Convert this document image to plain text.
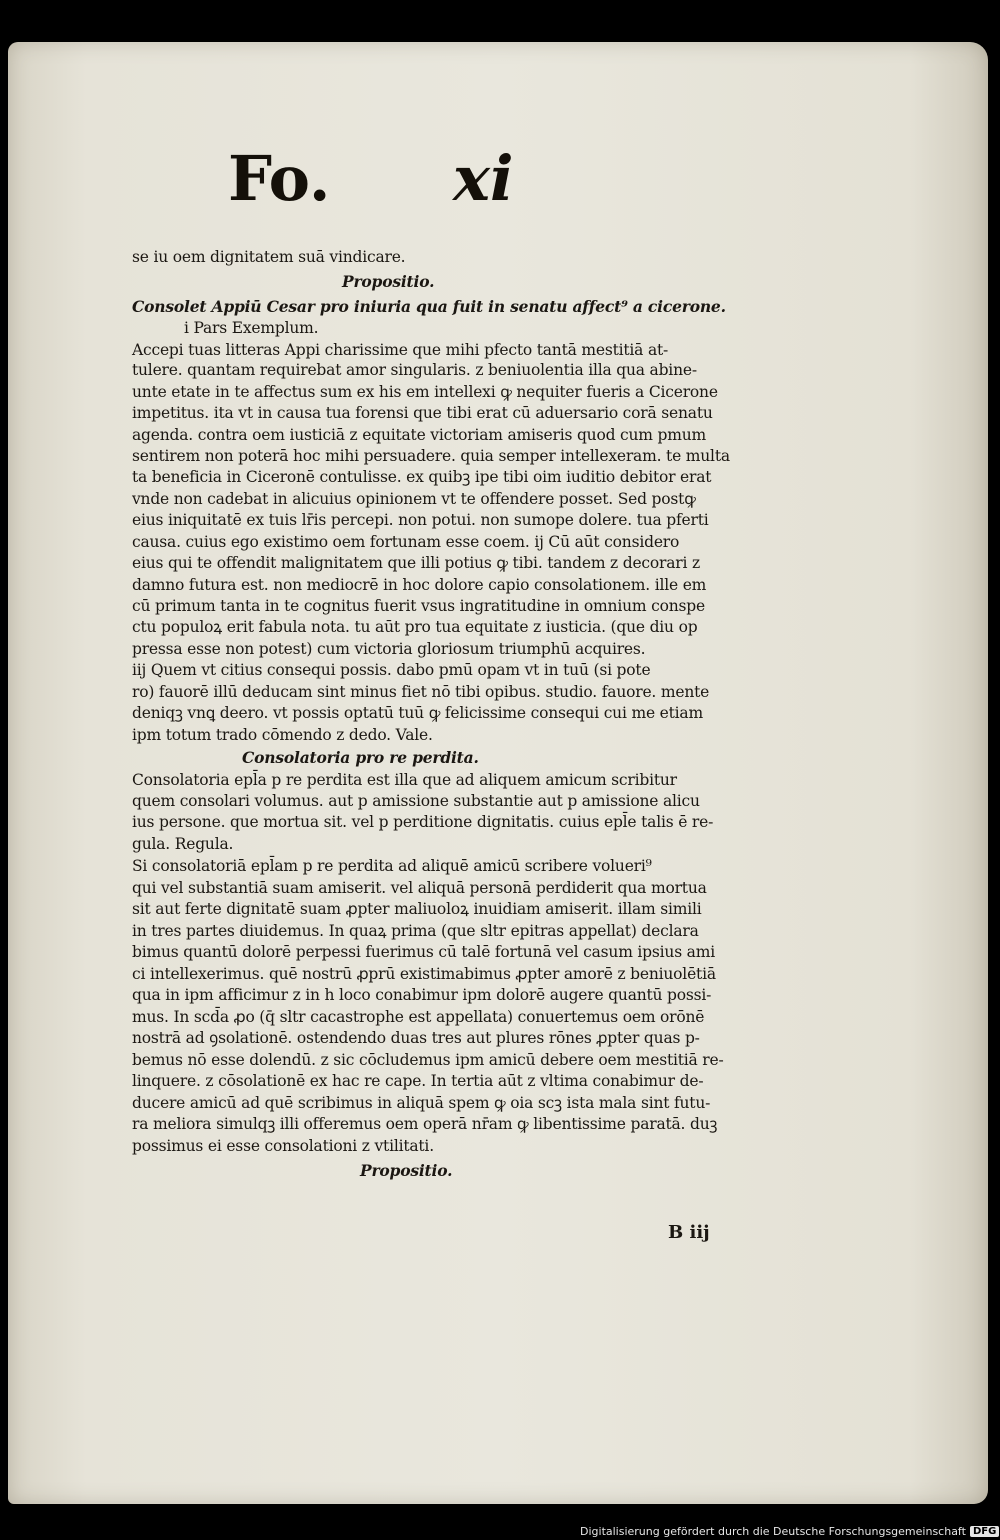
Fo. xi
se iu oem dignitatem suā vindicare.
Propositio.
Consolet Appiū Cesar pro iniuria qua fuit in senatu affect⁹ a cicerone.
i Pars Exemplum.
Accepi tuas litteras Appi charissime que mihi pfecto tantā mestitiā at-
tulere. quantam requirebat amor singularis. z beniuolentia illa qua abine-
unte etate in te affectus sum ex his em intellexi ꝙ nequiter fueris a Cicerone
impetitus. ita vt in causa tua forensi que tibi erat cū aduersario corā senatu
agenda. contra oem iusticiā z equitate victoriam amiseris quod cum pmum
sentirem non poterā hoc mihi persuadere. quia semper intellexeram. te multa
ta beneficia in Ciceronē contulisse. ex quibꝫ ipe tibi oim iuditio debitor erat
vnde non cadebat in alicuius opinionem vt te offendere posset. Sed postꝙ
eius iniquitatē ex tuis lr̄is percepi. non potui. non sumope dolere. tua pferti
causa. cuius ego existimo oem fortunam esse coem. ij Cū aūt considero
eius qui te offendit malignitatem que illi potius ꝙ tibi. tandem z decorari z
damno futura est. non mediocrē in hoc dolore capio consolationem. ille em
cū primum tanta in te cognitus fuerit vsus ingratitudine in omnium conspe
ctu populoꝝ erit fabula nota. tu aūt pro tua equitate z iusticia. (que diu op
pressa esse non potest) cum victoria gloriosum triumphū acquires.
iij Quem vt citius consequi possis. dabo pmū opam vt in tuū (si pote
ro) fauorē illū deducam sint minus fiet nō tibi opibus. studio. fauore. mente
deniqꝫ vnꝗ deero. vt possis optatū tuū ꝙ felicissime consequi cui me etiam
ipm totum trado cōmendo z dedo. Vale.
Consolatoria pro re perdita.
Consolatoria epl̄a p re perdita est illa que ad aliquem amicum scribitur
quem consolari volumus. aut p amissione substantie aut p amissione alicu
ius persone. que mortua sit. vel p perditione dignitatis. cuius epl̄e talis ē re-
gula. Regula.
Si consolatoriā epl̄am p re perdita ad aliquē amicū scribere volueri⁹
qui vel substantiā suam amiserit. vel aliquā personā perdiderit qua mortua
sit aut ferte dignitatē suam ꝓpter maliuoloꝝ inuidiam amiserit. illam simili
in tres partes diuidemus. In quaꝝ prima (que sltr epitras appellat) declara
bimus quantū dolorē perpessi fuerimus cū talē fortunā vel casum ipsius ami
ci intellexerimus. quē nostrū ꝓprū existimabimus ꝓpter amorē z beniuolētiā
qua in ipm afficimur z in h loco conabimur ipm dolorē augere quantū possi-
mus. In scd̄a ꝓo (q̄ sltr cacastrophe est appellata) conuertemus oem orōnē
nostrā ad ꝯsolationē. ostendendo duas tres aut plures rōnes ꝓpter quas p-
bemus nō esse dolendū. z sic cōcludemus ipm amicū debere oem mestitiā re-
linquere. z cōsolationē ex hac re cape. In tertia aūt z vltima conabimur de-
ducere amicū ad quē scribimus in aliquā spem ꝙ oia scꝫ ista mala sint futu-
ra meliora simulqꝫ illi offeremus oem operā nr̄am ꝙ libentissime paratā. duꝫ
possimus ei esse consolationi z vtilitati.
Propositio.
B iij
Digitalisierung gefördert durch die Deutsche Forschungsgemeinschaft DFG
